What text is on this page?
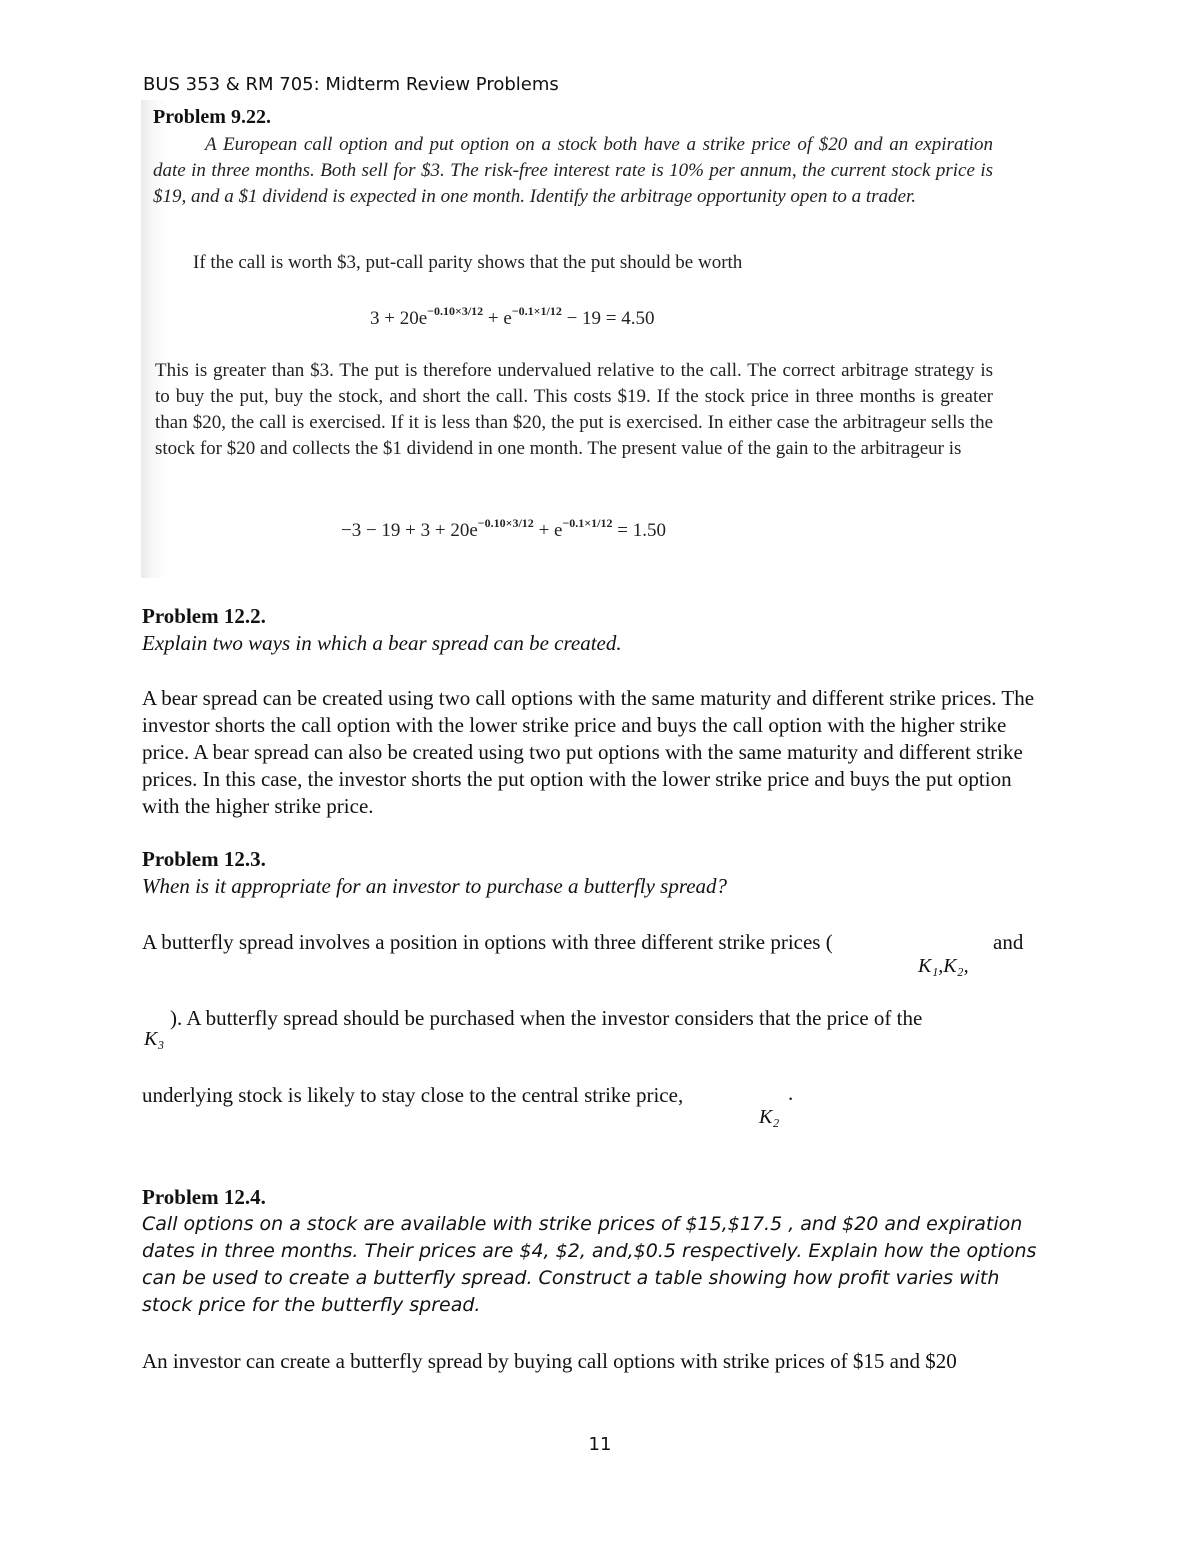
BUS 353 & RM 705: Midterm Review Problems
Problem 9.22.
A European call option and put option on a stock both have a strike price of $20 and an expiration date in three months. Both sell for $3. The risk-free interest rate is 10% per annum, the current stock price is $19, and a $1 dividend is expected in one month. Identify the arbitrage opportunity open to a trader.
If the call is worth $3, put-call parity shows that the put should be worth
$3 + 20e^{-0.10\times 3/12} + e^{-0.1\times 1/12} - 19 = 4.50$
This is greater than $3. The put is therefore undervalued relative to the call. The correct arbitrage strategy is to buy the put, buy the stock, and short the call. This costs $19. If the stock price in three months is greater than $20, the call is exercised. If it is less than $20, the put is exercised. In either case the arbitrageur sells the stock for $20 and collects the $1 dividend in one month. The present value of the gain to the arbitrageur is
$-3 - 19 + 3 + 20e^{-0.10\times 3/12} + e^{-0.1\times 1/12} = 1.50$
Problem 12.2.
Explain two ways in which a bear spread can be created.
A bear spread can be created using two call options with the same maturity and different strike prices. The investor shorts the call option with the lower strike price and buys the call option with the higher strike price. A bear spread can also be created using two put options with the same maturity and different strike prices. In this case, the investor shorts the put option with the lower strike price and buys the put option with the higher strike price.
Problem 12.3.
When is it appropriate for an investor to purchase a butterfly spread?
A butterfly spread involves a position in options with three different strike prices (	and
K₁,K₂,
). A butterfly spread should be purchased when the investor considers that the price of the
K₃
underlying stock is likely to stay close to the central strike price,	.
K₂
Problem 12.4.
Call options on a stock are available with strike prices of $15,$17.5 , and $20 and expiration dates in three months. Their prices are $4, $2, and,$0.5 respectively. Explain how the options can be used to create a butterfly spread. Construct a table showing how profit varies with stock price for the butterfly spread.
An investor can create a butterfly spread by buying call options with strike prices of $15 and $20
11
